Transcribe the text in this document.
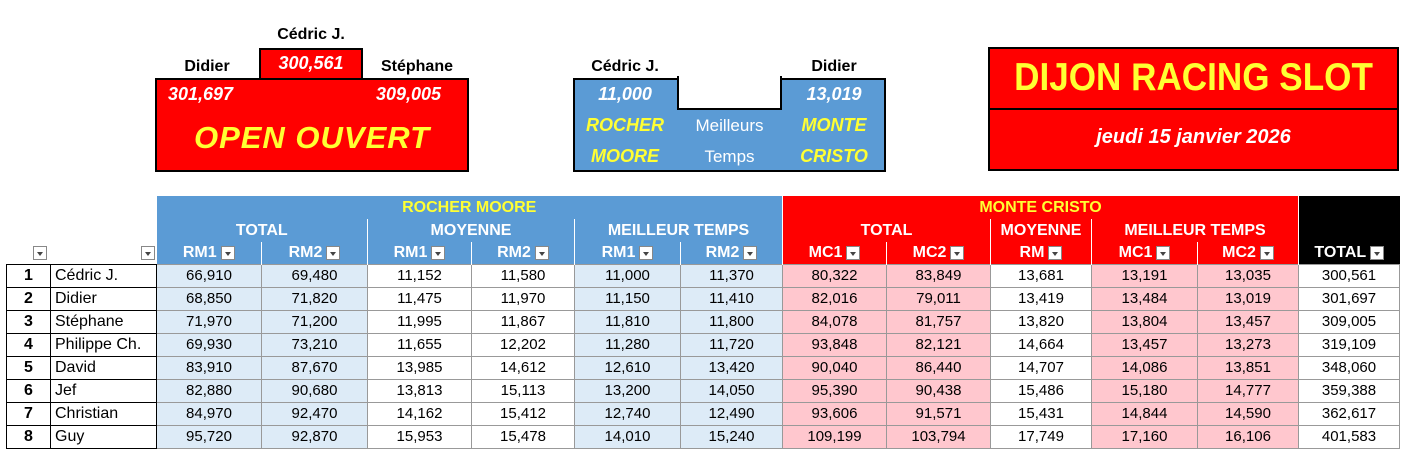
Cédric J.
300,561
Didier
301,697
Stéphane
309,005
OPEN OUVERT
Cédric J.
11,000
ROCHER
MOORE
Meilleurs
Temps
Didier
13,019
MONTE
CRISTO
DIJON RACING SLOT
jeudi 15 janvier 2026
		ROCHER MOORE						MONTE CRISTO					
		TOTAL		MOYENNE		MEILLEUR TEMPS		TOTAL		MOYENNE	MEILLEUR TEMPS		
		RM1	RM2	RM1	RM2	RM1	RM2	MC1	MC2	RM	MC1	MC2	TOTAL
1	Cédric J.	66,910	69,480	11,152	11,580	11,000	11,370	80,322	83,849	13,681	13,191	13,035	300,561
2	Didier	68,850	71,820	11,475	11,970	11,150	11,410	82,016	79,011	13,419	13,484	13,019	301,697
3	Stéphane	71,970	71,200	11,995	11,867	11,810	11,800	84,078	81,757	13,820	13,804	13,457	309,005
4	Philippe Ch.	69,930	73,210	11,655	12,202	11,280	11,720	93,848	82,121	14,664	13,457	13,273	319,109
5	David	83,910	87,670	13,985	14,612	12,610	13,420	90,040	86,440	14,707	14,086	13,851	348,060
6	Jef	82,880	90,680	13,813	15,113	13,200	14,050	95,390	90,438	15,486	15,180	14,777	359,388
7	Christian	84,970	92,470	14,162	15,412	12,740	12,490	93,606	91,571	15,431	14,844	14,590	362,617
8	Guy	95,720	92,870	15,953	15,478	14,010	15,240	109,199	103,794	17,749	17,160	16,106	401,583
